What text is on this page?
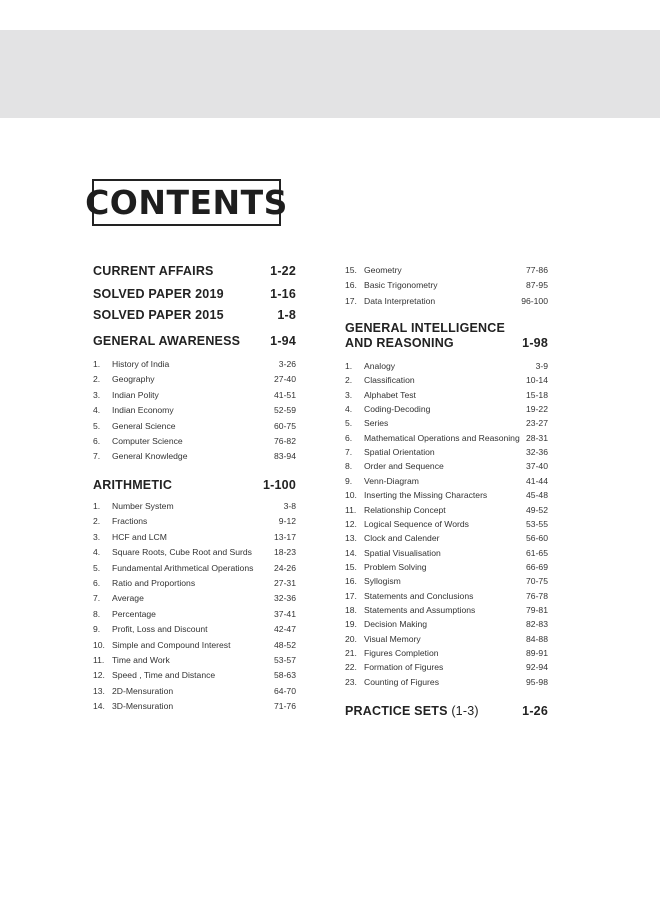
CONTENTS
CURRENT AFFAIRS	1-22
SOLVED PAPER 2019	1-16
SOLVED PAPER 2015	1-8
GENERAL AWARENESS 1-94
1.	History of India	3-26
2.	Geography	27-40
3.	Indian Polity	41-51
4.	Indian Economy	52-59
5.	General Science	60-75
6.	Computer Science	76-82
7.	General Knowledge	83-94
ARITHMETIC	1-100
1.	Number System	3-8
2.	Fractions	9-12
3.	HCF and LCM	13-17
4.	Square Roots, Cube Root and Surds	18-23
5.	Fundamental Arithmetical Operations	24-26
6.	Ratio and Proportions	27-31
7.	Average	32-36
8.	Percentage	37-41
9.	Profit, Loss and Discount	42-47
10. Simple and Compound Interest	48-52
11. Time and Work	53-57
12. Speed , Time and Distance	58-63
13. 2D-Mensuration	64-70
14. 3D-Mensuration	71-76
15. Geometry	77-86
16. Basic Trigonometry	87-95
17. Data Interpretation	96-100
GENERAL INTELLIGENCE
AND REASONING	1-98
1.	Analogy	3-9
2.	Classification	10-14
3.	Alphabet Test	15-18
4.	Coding-Decoding	19-22
5.	Series	23-27
6.	Mathematical Operations and Reasoning 28-31
7.	Spatial Orientation	32-36
8.	Order and Sequence	37-40
9.	Venn-Diagram	41-44
10. Inserting the Missing Characters	45-48
11. Relationship Concept	49-52
12. Logical Sequence of Words	53-55
13. Clock and Calender	56-60
14. Spatial Visualisation	61-65
15. Problem Solving	66-69
16. Syllogism	70-75
17. Statements and Conclusions	76-78
18. Statements and Assumptions	79-81
19. Decision Making	82-83
20. Visual Memory	84-88
21. Figures Completion	89-91
22. Formation of Figures	92-94
23. Counting of Figures	95-98
PRACTICE SETS (1-3)	1-26
